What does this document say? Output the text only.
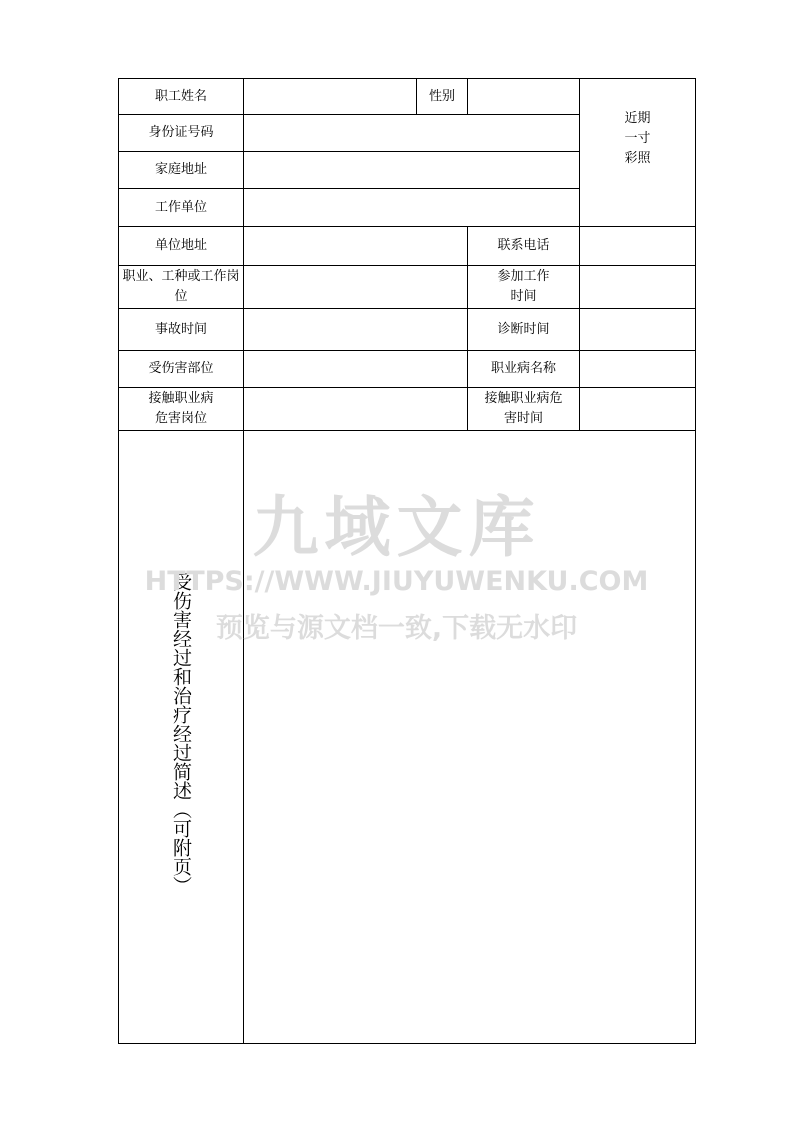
职工姓名		性别		近期
一寸
彩照

身份证号码				
家庭地址				
工作单位				
单位地址			联系电话	
职业、工种或工作岗位			参加工作时间	
事故时间			诊断时间	
受伤害部位			职业病名称	
接触职业病危害岗位			接触职业病危害时间	
受伤害经过和治疗经过简述（可附页）				
九域文库
HTTPS://WWW.JIUYUWENKU.COM
预览与源文档一致,下载无水印
